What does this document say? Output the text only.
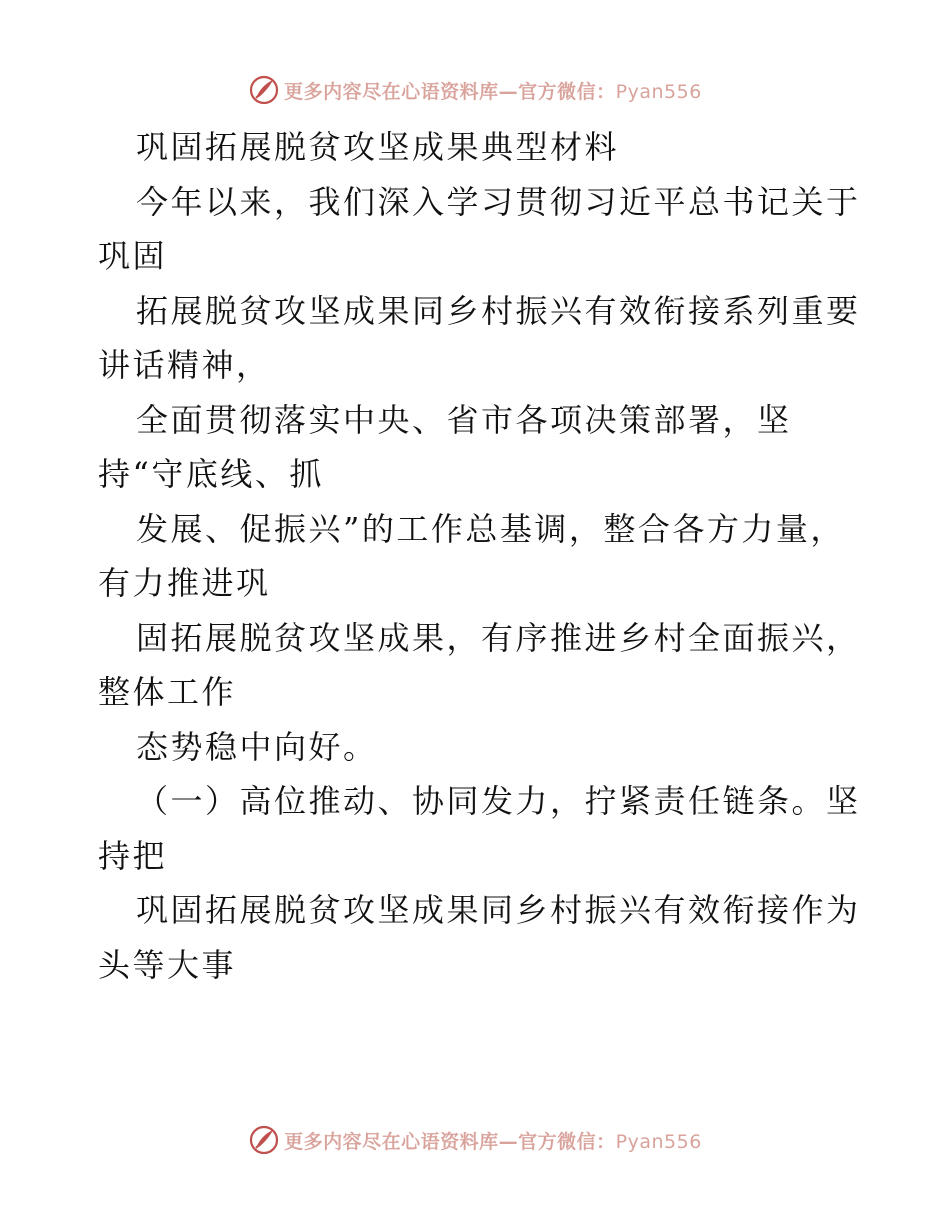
更多内容尽在心语资料库—官方微信：Pyan556
巩固拓展脱贫攻坚成果典型材料
今年以来，我们深入学习贯彻习近平总书记关于
巩固
拓展脱贫攻坚成果同乡村振兴有效衔接系列重要
讲话精神，
全面贯彻落实中央、省市各项决策部署，坚
持“守底线、抓
发展、促振兴”的工作总基调，整合各方力量，
有力推进巩
固拓展脱贫攻坚成果，有序推进乡村全面振兴，
整体工作
态势稳中向好。
（一）高位推动、协同发力，拧紧责任链条。坚
持把
巩固拓展脱贫攻坚成果同乡村振兴有效衔接作为
头等大事
更多内容尽在心语资料库—官方微信：Pyan556
